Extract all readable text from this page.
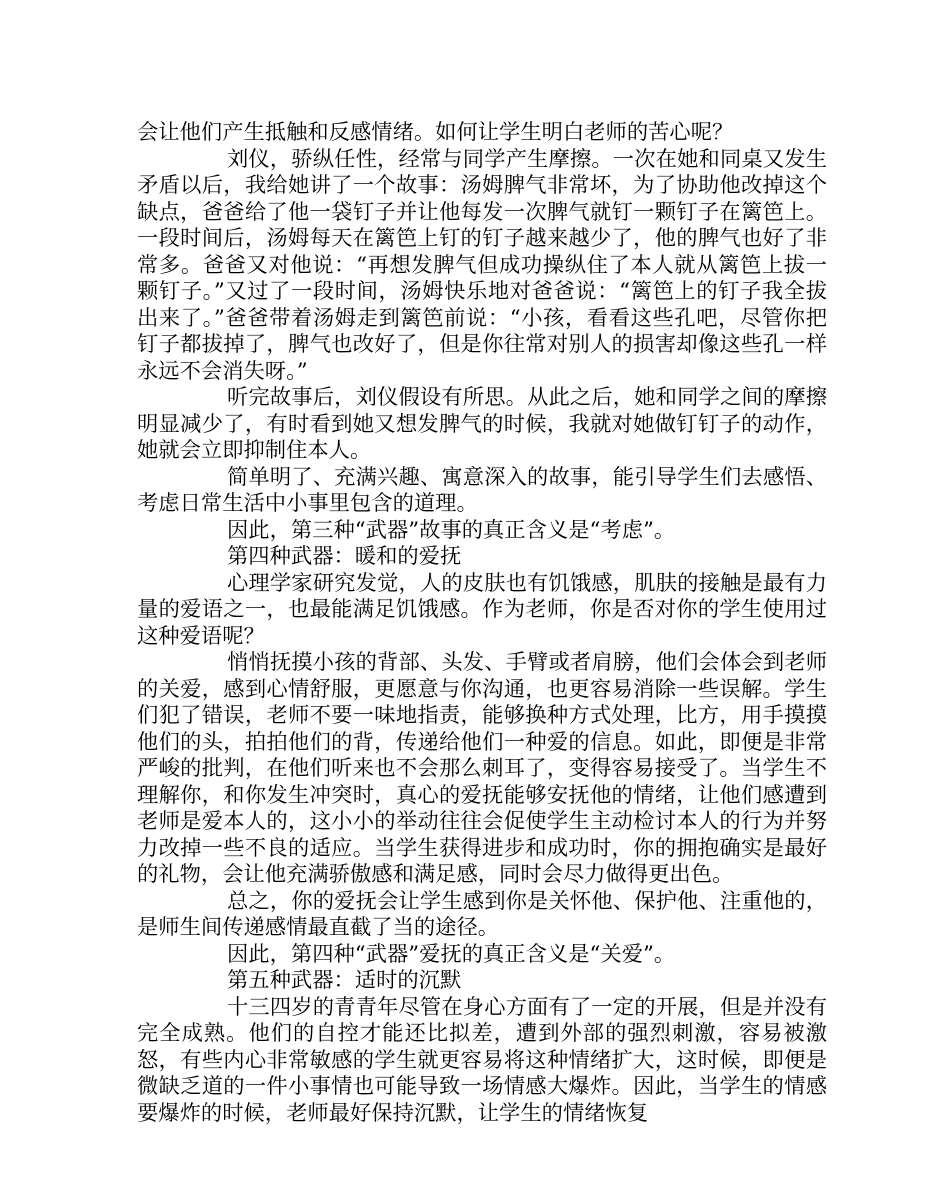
会让他们产生抵触和反感情绪。如何让学生明白老师的苦心呢？

刘仪，骄纵任性，经常与同学产生摩擦。一次在她和同桌又发生矛盾以后，我给她讲了一个故事：汤姆脾气非常坏，为了协助他改掉这个缺点，爸爸给了他一袋钉子并让他每发一次脾气就钉一颗钉子在篱笆上。一段时间后，汤姆每天在篱笆上钉的钉子越来越少了，他的脾气也好了非常多。爸爸又对他说：“再想发脾气但成功操纵住了本人就从篱笆上拔一颗钉子。”又过了一段时间，汤姆快乐地对爸爸说：“篱笆上的钉子我全拔出来了。”爸爸带着汤姆走到篱笆前说：“小孩，看看这些孔吧，尽管你把钉子都拔掉了，脾气也改好了，但是你往常对别人的损害却像这些孔一样永远不会消失呀。”

听完故事后，刘仪假设有所思。从此之后，她和同学之间的摩擦明显减少了，有时看到她又想发脾气的时候，我就对她做钉钉子的动作，她就会立即抑制住本人。

简单明了、充满兴趣、寓意深入的故事，能引导学生们去感悟、考虑日常生活中小事里包含的道理。

因此，第三种“武器”故事的真正含义是“考虑”。

第四种武器：暖和的爱抚

心理学家研究发觉，人的皮肤也有饥饿感，肌肤的接触是最有力量的爱语之一，也最能满足饥饿感。作为老师，你是否对你的学生使用过这种爱语呢？

悄悄抚摸小孩的背部、头发、手臂或者肩膀，他们会体会到老师的关爱，感到心情舒服，更愿意与你沟通，也更容易消除一些误解。学生们犯了错误，老师不要一味地指责，能够换种方式处理，比方，用手摸摸他们的头，拍拍他们的背，传递给他们一种爱的信息。如此，即便是非常严峻的批判，在他们听来也不会那么刺耳了，变得容易接受了。当学生不理解你，和你发生冲突时，真心的爱抚能够安抚他的情绪，让他们感遭到老师是爱本人的，这小小的举动往往会促使学生主动检讨本人的行为并努力改掉一些不良的适应。当学生获得进步和成功时，你的拥抱确实是最好的礼物，会让他充满骄傲感和满足感，同时会尽力做得更出色。

总之，你的爱抚会让学生感到你是关怀他、保护他、注重他的，是师生间传递感情最直截了当的途径。

因此，第四种“武器”爱抚的真正含义是“关爱”。

第五种武器：适时的沉默

十三四岁的青青年尽管在身心方面有了一定的开展，但是并没有完全成熟。他们的自控才能还比拟差，遭到外部的强烈刺激，容易被激怒，有些内心非常敏感的学生就更容易将这种情绪扩大，这时候，即便是微缺乏道的一件小事情也可能导致一场情感大爆炸。因此，当学生的情感要爆炸的时候，老师最好保持沉默，让学生的情绪恢复
